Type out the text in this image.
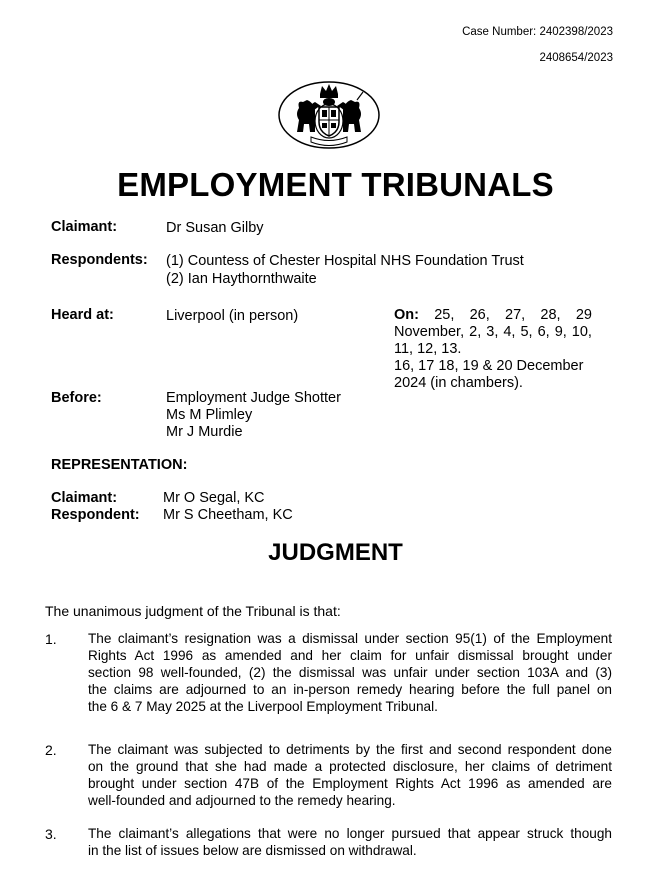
Case Number: 2402398/2023
2408654/2023
EMPLOYMENT TRIBUNALS
Claimant:	Dr Susan Gilby
Respondents: (1) Countess of Chester Hospital NHS Foundation Trust
(2) Ian Haythornthwaite
Heard at:	Liverpool (in person)	On: 25, 26, 27, 28, 29
November, 2, 3, 4, 5, 6, 9, 10,
11, 12, 13.
16, 17 18, 19 & 20 December
2024 (in chambers).
Before:	Employment Judge Shotter
Ms M Plimley
Mr J Murdie
REPRESENTATION:
Claimant:	Mr O Segal, KC
Respondent: Mr S Cheetham, KC
JUDGMENT
The unanimous judgment of the Tribunal is that:
1. The claimant’s resignation was a dismissal under section 95(1) of the Employment
Rights Act 1996 as amended and her claim for unfair dismissal brought under
section 98 well-founded, (2) the dismissal was unfair under section 103A and (3)
the claims are adjourned to an in-person remedy hearing before the full panel on
the 6 & 7 May 2025 at the Liverpool Employment Tribunal.
2. The claimant was subjected to detriments by the first and second respondent done
on the ground that she had made a protected disclosure, her claims of detriment
brought under section 47B of the Employment Rights Act 1996 as amended are
well-founded and adjourned to the remedy hearing.
3. The claimant’s allegations that were no longer pursued that appear struck though
in the list of issues below are dismissed on withdrawal.
